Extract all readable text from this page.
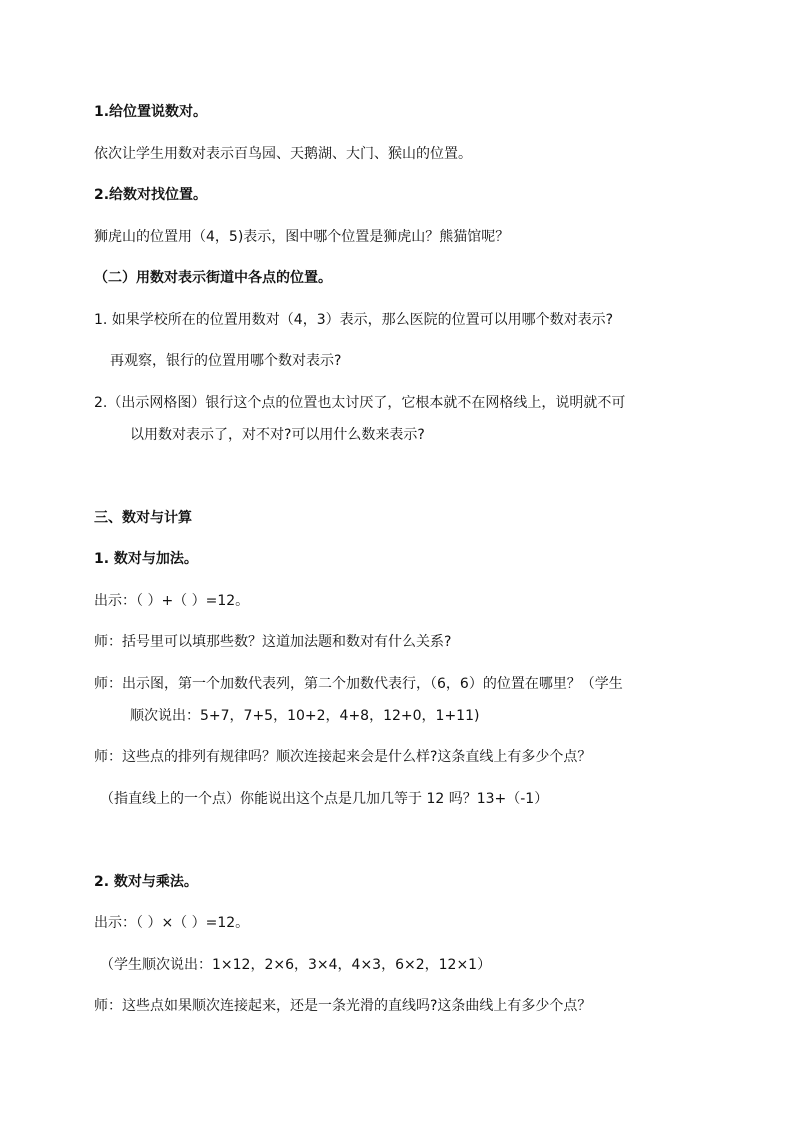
1.给位置说数对。
依次让学生用数对表示百鸟园、天鹅湖、大门、猴山的位置。
2.给数对找位置。
狮虎山的位置用（4，5)表示，图中哪个位置是狮虎山？熊猫馆呢？
（二）用数对表示街道中各点的位置。
1. 如果学校所在的位置用数对（4，3）表示，那么医院的位置可以用哪个数对表示?
再观察，银行的位置用哪个数对表示?
2.（出示网格图）银行这个点的位置也太讨厌了，它根本就不在网格线上，说明就不可
以用数对表示了，对不对?可以用什么数来表示?
三、数对与计算
1. 数对与加法。
出示：（ ）+（ ）=12。
师：括号里可以填那些数？这道加法题和数对有什么关系?
师：出示图，第一个加数代表列，第二个加数代表行，（6，6）的位置在哪里？（学生
顺次说出：5+7，7+5，10+2，4+8，12+0，1+11)
师：这些点的排列有规律吗？顺次连接起来会是什么样?这条直线上有多少个点？
（指直线上的一个点）你能说出这个点是几加几等于 12 吗？13+（-1）
2. 数对与乘法。
出示：（ ）×（ ）=12。
（学生顺次说出：1×12，2×6，3×4，4×3，6×2，12×1）
师：这些点如果顺次连接起来，还是一条光滑的直线吗?这条曲线上有多少个点？
